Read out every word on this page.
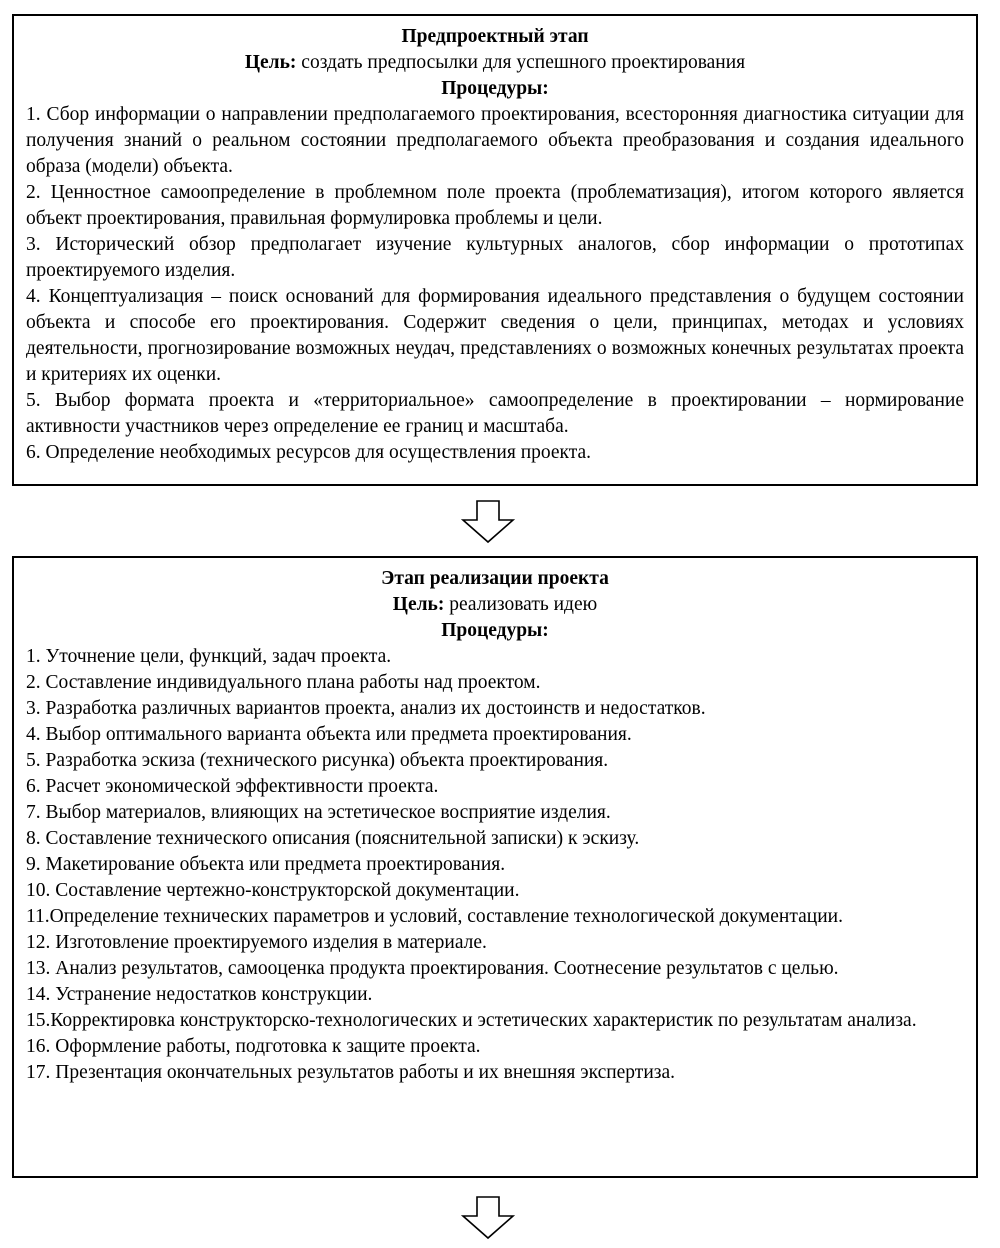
Предпроектный этап
Цель: создать предпосылки для успешного проектирования
Процедуры:
1. Сбор информации о направлении предполагаемого проектирования, всесторонняя диагностика ситуации для получения знаний о реальном состоянии предполагаемого объекта преобразования и создания идеального образа (модели) объекта.
2. Ценностное самоопределение в проблемном поле проекта (проблематизация), итогом которого является объект проектирования, правильная формулировка проблемы и цели.
3. Исторический обзор предполагает изучение культурных аналогов, сбор информации о прототипах проектируемого изделия.
4. Концептуализация – поиск оснований для формирования идеального представления о будущем состоянии объекта и способе его проектирования. Содержит сведения о цели, принципах, методах и условиях деятельности, прогнозирование возможных неудач, представлениях о возможных конечных результатах проекта и критериях их оценки.
5. Выбор формата проекта и «территориальное» самоопределение в проектировании – нормирование активности участников через определение ее границ и масштаба.
6. Определение необходимых ресурсов для осуществления проекта.
Этап реализации проекта
Цель: реализовать идею
Процедуры:
1. Уточнение цели, функций, задач проекта.
2. Составление индивидуального плана работы над проектом.
3. Разработка различных вариантов проекта, анализ их достоинств и недостатков.
4. Выбор оптимального варианта объекта или предмета проектирования.
5. Разработка эскиза (технического рисунка) объекта проектирования.
6. Расчет экономической эффективности проекта.
7. Выбор материалов, влияющих на эстетическое восприятие изделия.
8. Составление технического описания (пояснительной записки) к эскизу.
9. Макетирование объекта или предмета проектирования.
10. Составление чертежно-конструкторской документации.
11.Определение технических параметров и условий, составление технологической документации.
12. Изготовление проектируемого изделия в материале.
13. Анализ результатов, самооценка продукта проектирования. Соотнесение результатов с целью.
14. Устранение недостатков конструкции.
15.Корректировка конструкторско-технологических и эстетических характеристик по результатам анализа.
16. Оформление работы, подготовка к защите проекта.
17. Презентация окончательных результатов работы и их внешняя экспертиза.
